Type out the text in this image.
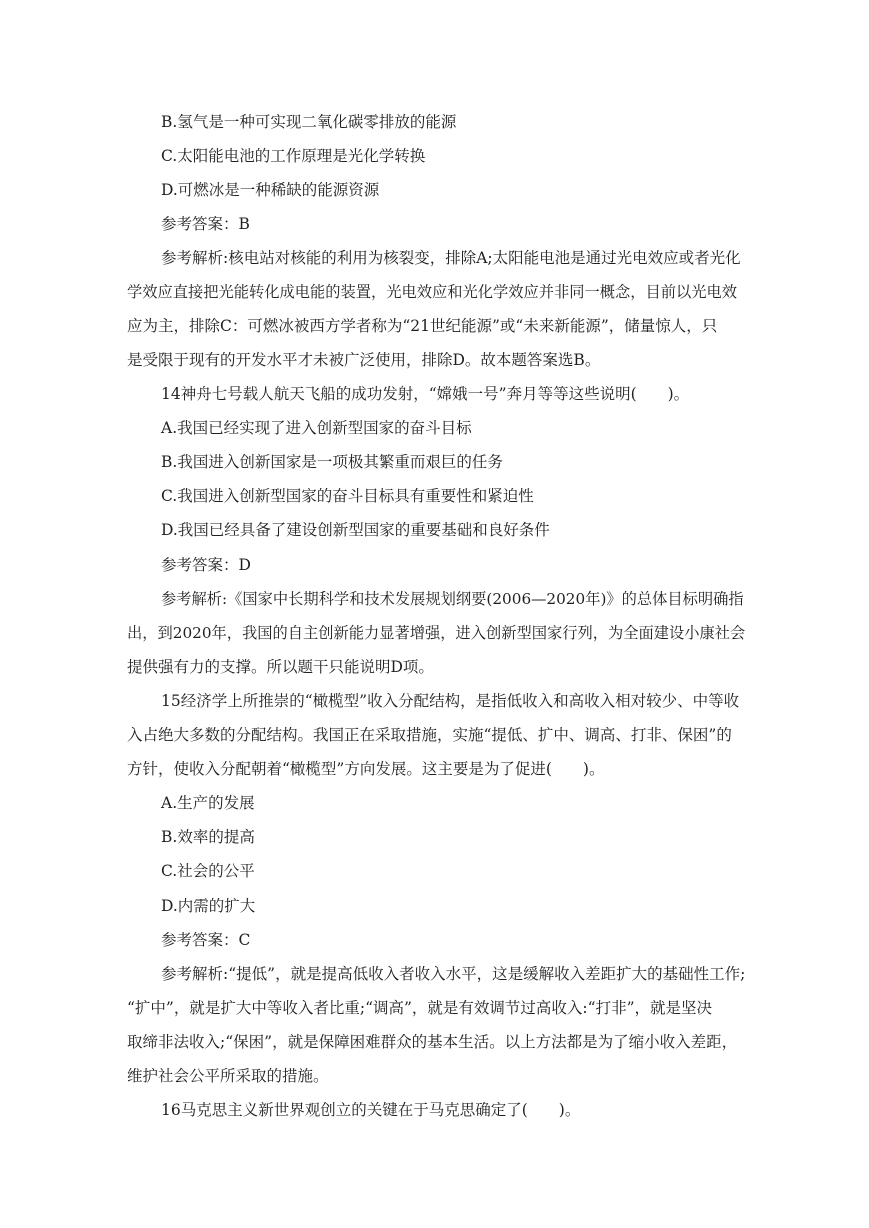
B.氢气是一种可实现二氧化碳零排放的能源
C.太阳能电池的工作原理是光化学转换
D.可燃冰是一种稀缺的能源资源
参考答案：B
参考解析:核电站对核能的利用为核裂变，排除A;太阳能电池是通过光电效应或者光化
学效应直接把光能转化成电能的装置，光电效应和光化学效应并非同一概念，目前以光电效
应为主，排除C：可燃冰被西方学者称为“21世纪能源”或“未来新能源”，储量惊人，只
是受限于现有的开发水平才未被广泛使用，排除D。故本题答案选B。
14神舟七号载人航天飞船的成功发射，“嫦娥一号”奔月等等这些说明(　　)。
A.我国已经实现了进入创新型国家的奋斗目标
B.我国进入创新国家是一项极其繁重而艰巨的任务
C.我国进入创新型国家的奋斗目标具有重要性和紧迫性
D.我国已经具备了建设创新型国家的重要基础和良好条件
参考答案：D
参考解析:《国家中长期科学和技术发展规划纲要(2006—2020年)》的总体目标明确指
出，到2020年，我国的自主创新能力显著增强，进入创新型国家行列，为全面建设小康社会
提供强有力的支撑。所以题干只能说明D项。
15经济学上所推崇的“橄榄型”收入分配结构，是指低收入和高收入相对较少、中等收
入占绝大多数的分配结构。我国正在采取措施，实施“提低、扩中、调高、打非、保困”的
方针，使收入分配朝着“橄榄型”方向发展。这主要是为了促进(　　)。
A.生产的发展
B.效率的提高
C.社会的公平
D.内需的扩大
参考答案：C
参考解析:“提低”，就是提高低收入者收入水平，这是缓解收入差距扩大的基础性工作;
“扩中”，就是扩大中等收入者比重;“调高”，就是有效调节过高收入:“打非”，就是坚决
取缔非法收入;“保困”，就是保障困难群众的基本生活。以上方法都是为了缩小收入差距，
维护社会公平所采取的措施。
16马克思主义新世界观创立的关键在于马克思确定了(　　)。
